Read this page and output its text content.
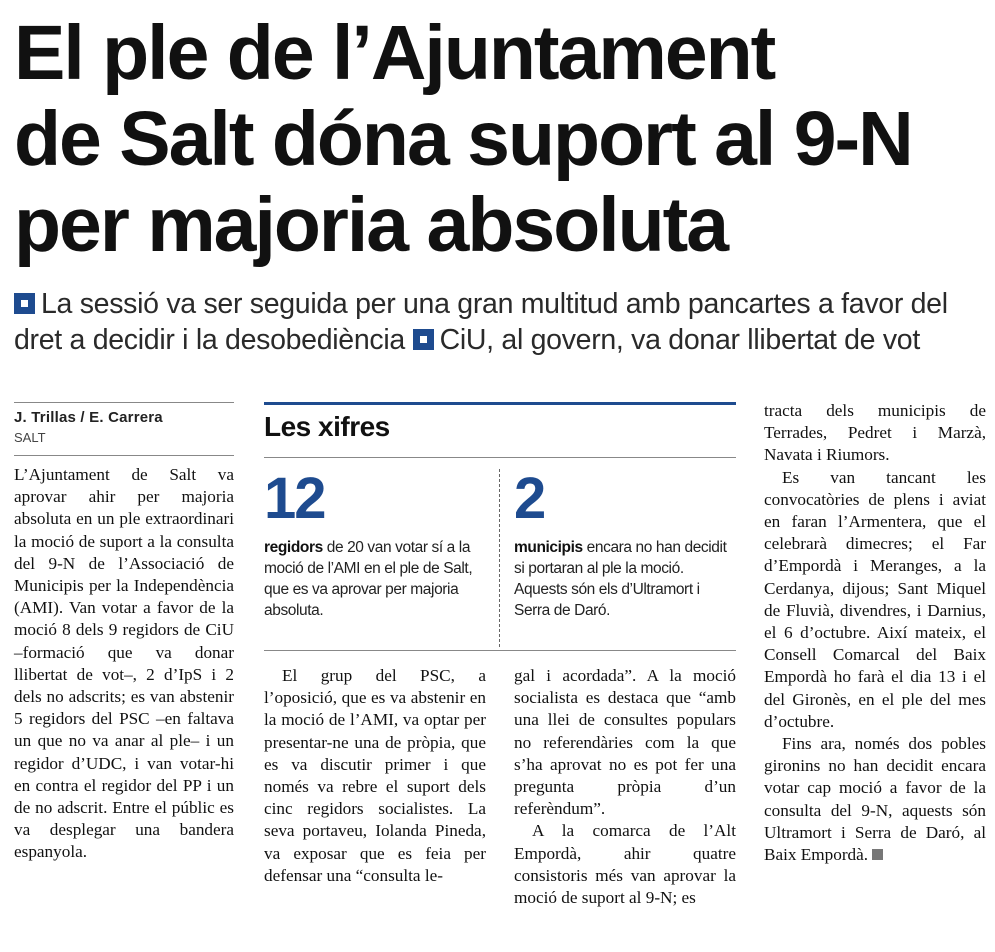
El ple de l’Ajuntament
de Salt dóna suport al 9-N
per majoria absoluta
La sessió va ser seguida per una gran multitud amb pancartes a favor del dret a decidir i la desobediència CiU, al govern, va donar llibertat de vot
J. Trillas / E. Carrera
SALT

L’Ajuntament de Salt va aprovar ahir per majoria absoluta en un ple extraordinari la moció de suport a la consulta del 9-N de l’Associació de Municipis per la Independència (AMI). Van votar a favor de la moció 8 dels 9 regidors de CiU –formació que va donar llibertat de vot–, 2 d’IpS i 2 dels no adscrits; es van abstenir 5 regidors del PSC –en faltava un que no va anar al ple– i un regidor d’UDC, i van votar-hi en contra el regidor del PP i un de no adscrit. Entre el públic es va desplegar una bandera espanyola.

Les xifres
12
regidors de 20 van votar sí a la moció de l’AMI en el ple de Salt, que es va aprovar per majoria absoluta.
2
municipis encara no han decidit si portaran al ple la moció. Aquests són els d’Ultramort i Serra de Daró.

El grup del PSC, a l’oposició, que es va abstenir en la moció de l’AMI, va optar per presentar-ne una de pròpia, que es va discutir primer i que només va rebre el suport dels cinc regidors socialistes. La seva portaveu, Iolanda Pineda, va exposar que es feia per defensar una “consulta le-

gal i acordada”. A la moció socialista es destaca que “amb una llei de consultes populars no referendàries com la que s’ha aprovat no es pot fer una pregunta pròpia d’un referèndum”.

A la comarca de l’Alt Empordà, ahir quatre consistoris més van aprovar la moció de suport al 9-N; es

tracta dels municipis de Terrades, Pedret i Marzà, Navata i Riumors.

Es van tancant les convocatòries de plens i aviat en faran l’Armentera, que el celebrarà dimecres; el Far d’Empordà i Meranges, a la Cerdanya, dijous; Sant Miquel de Fluvià, divendres, i Darnius, el 6 d’octubre. Així mateix, el Consell Comarcal del Baix Empordà ho farà el dia 13 i el del Gironès, en el ple del mes d’octubre.

Fins ara, només dos pobles gironins no han decidit encara votar cap moció a favor de la consulta del 9-N, aquests són Ultramort i Serra de Daró, al Baix Empordà.
